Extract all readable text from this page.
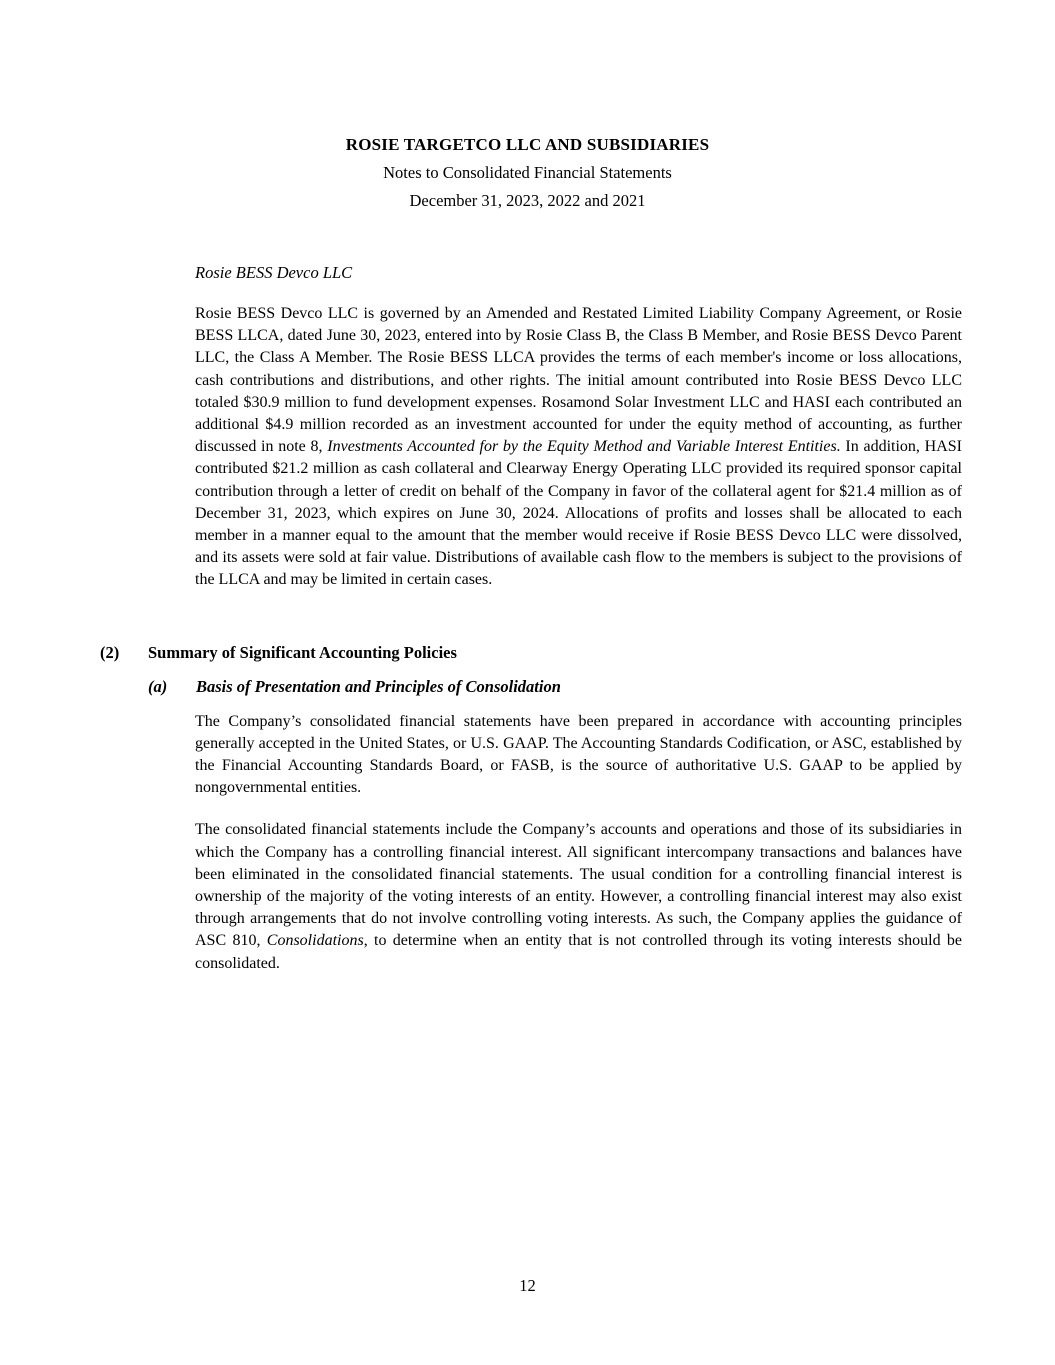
ROSIE TARGETCO LLC AND SUBSIDIARIES
Notes to Consolidated Financial Statements
December 31, 2023, 2022 and 2021
Rosie BESS Devco LLC

Rosie BESS Devco LLC is governed by an Amended and Restated Limited Liability Company Agreement, or Rosie BESS LLCA, dated June 30, 2023, entered into by Rosie Class B, the Class B Member, and Rosie BESS Devco Parent LLC, the Class A Member. The Rosie BESS LLCA provides the terms of each member's income or loss allocations, cash contributions and distributions, and other rights. The initial amount contributed into Rosie BESS Devco LLC totaled $30.9 million to fund development expenses. Rosamond Solar Investment LLC and HASI each contributed an additional $4.9 million recorded as an investment accounted for under the equity method of accounting, as further discussed in note 8, Investments Accounted for by the Equity Method and Variable Interest Entities. In addition, HASI contributed $21.2 million as cash collateral and Clearway Energy Operating LLC provided its required sponsor capital contribution through a letter of credit on behalf of the Company in favor of the collateral agent for $21.4 million as of December 31, 2023, which expires on June 30, 2024. Allocations of profits and losses shall be allocated to each member in a manner equal to the amount that the member would receive if Rosie BESS Devco LLC were dissolved, and its assets were sold at fair value. Distributions of available cash flow to the members is subject to the provisions of the LLCA and may be limited in certain cases.

(2) Summary of Significant Accounting Policies
(a) Basis of Presentation and Principles of Consolidation

The Company’s consolidated financial statements have been prepared in accordance with accounting principles generally accepted in the United States, or U.S. GAAP. The Accounting Standards Codification, or ASC, established by the Financial Accounting Standards Board, or FASB, is the source of authoritative U.S. GAAP to be applied by nongovernmental entities.

The consolidated financial statements include the Company’s accounts and operations and those of its subsidiaries in which the Company has a controlling financial interest. All significant intercompany transactions and balances have been eliminated in the consolidated financial statements. The usual condition for a controlling financial interest is ownership of the majority of the voting interests of an entity. However, a controlling financial interest may also exist through arrangements that do not involve controlling voting interests. As such, the Company applies the guidance of ASC 810, Consolidations, to determine when an entity that is not controlled through its voting interests should be consolidated.

12
